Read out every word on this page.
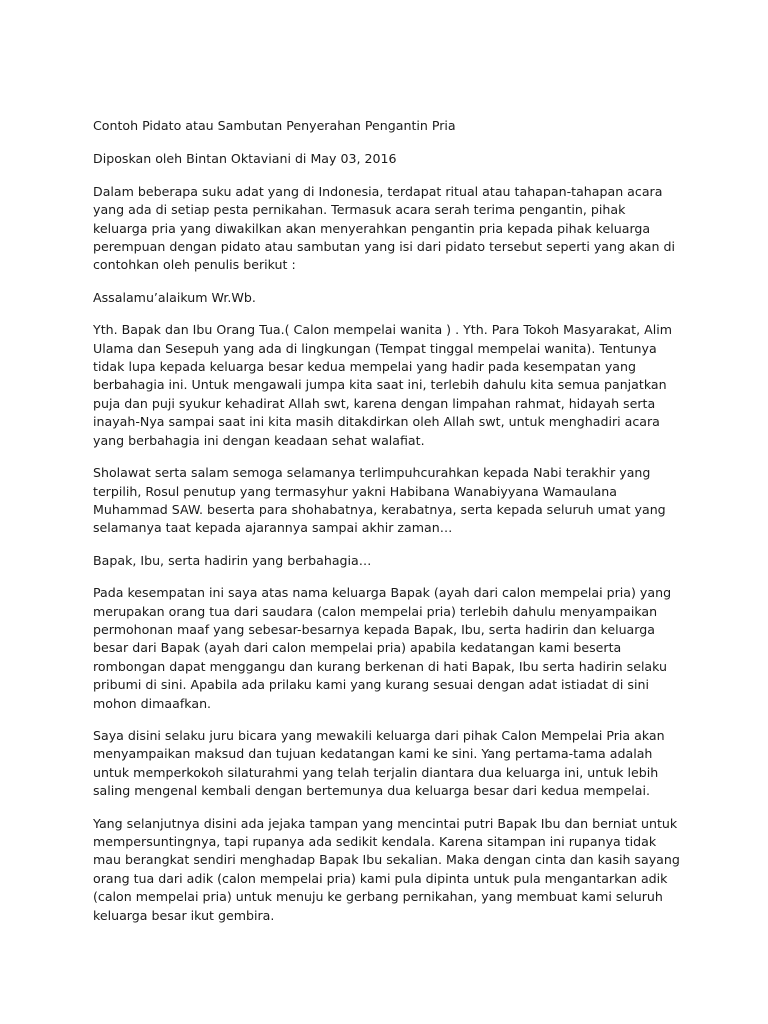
Contoh Pidato atau Sambutan Penyerahan Pengantin Pria

Diposkan oleh Bintan Oktaviani di May 03, 2016

Dalam beberapa suku adat yang di Indonesia, terdapat ritual atau tahapan-tahapan acara yang ada di setiap pesta pernikahan. Termasuk acara serah terima pengantin, pihak keluarga pria yang diwakilkan akan menyerahkan pengantin pria kepada pihak keluarga perempuan dengan pidato atau sambutan yang isi dari pidato tersebut seperti yang akan di contohkan oleh penulis berikut :

Assalamu’alaikum Wr.Wb.

Yth. Bapak dan Ibu Orang Tua.( Calon mempelai wanita ) . Yth. Para Tokoh Masyarakat, Alim Ulama dan Sesepuh yang ada di lingkungan (Tempat tinggal mempelai wanita). Tentunya tidak lupa kepada keluarga besar kedua mempelai yang hadir pada kesempatan yang berbahagia ini. Untuk mengawali jumpa kita saat ini, terlebih dahulu kita semua panjatkan puja dan puji syukur kehadirat Allah swt, karena dengan limpahan rahmat, hidayah serta inayah-Nya sampai saat ini kita masih ditakdirkan oleh Allah swt, untuk menghadiri acara yang berbahagia ini dengan keadaan sehat walafiat.

Sholawat serta salam semoga selamanya terlimpuhcurahkan kepada Nabi terakhir yang terpilih, Rosul penutup yang termasyhur yakni Habibana Wanabiyyana Wamaulana Muhammad SAW. beserta para shohabatnya, kerabatnya, serta kepada seluruh umat yang selamanya taat kepada ajarannya sampai akhir zaman…

Bapak, Ibu, serta hadirin yang berbahagia…

Pada kesempatan ini saya atas nama keluarga Bapak (ayah dari calon mempelai pria) yang merupakan orang tua dari saudara (calon mempelai pria) terlebih dahulu menyampaikan permohonan maaf yang sebesar-besarnya kepada Bapak, Ibu, serta hadirin dan keluarga besar dari Bapak (ayah dari calon mempelai pria) apabila kedatangan kami beserta rombongan dapat menggangu dan kurang berkenan di hati Bapak, Ibu serta hadirin selaku pribumi di sini. Apabila ada prilaku kami yang kurang sesuai dengan adat istiadat di sini mohon dimaafkan.

Saya disini selaku juru bicara yang mewakili keluarga dari pihak Calon Mempelai Pria akan menyampaikan maksud dan tujuan kedatangan kami ke sini. Yang pertama-tama adalah untuk memperkokoh silaturahmi yang telah terjalin diantara dua keluarga ini, untuk lebih saling mengenal kembali dengan bertemunya dua keluarga besar dari kedua mempelai.

Yang selanjutnya disini ada jejaka tampan yang mencintai putri Bapak Ibu dan berniat untuk mempersuntingnya, tapi rupanya ada sedikit kendala. Karena sitampan ini rupanya tidak mau berangkat sendiri menghadap Bapak Ibu sekalian. Maka dengan cinta dan kasih sayang orang tua dari adik (calon mempelai pria) kami pula dipinta untuk pula mengantarkan adik (calon mempelai pria) untuk menuju ke gerbang pernikahan, yang membuat kami seluruh keluarga besar ikut gembira.
